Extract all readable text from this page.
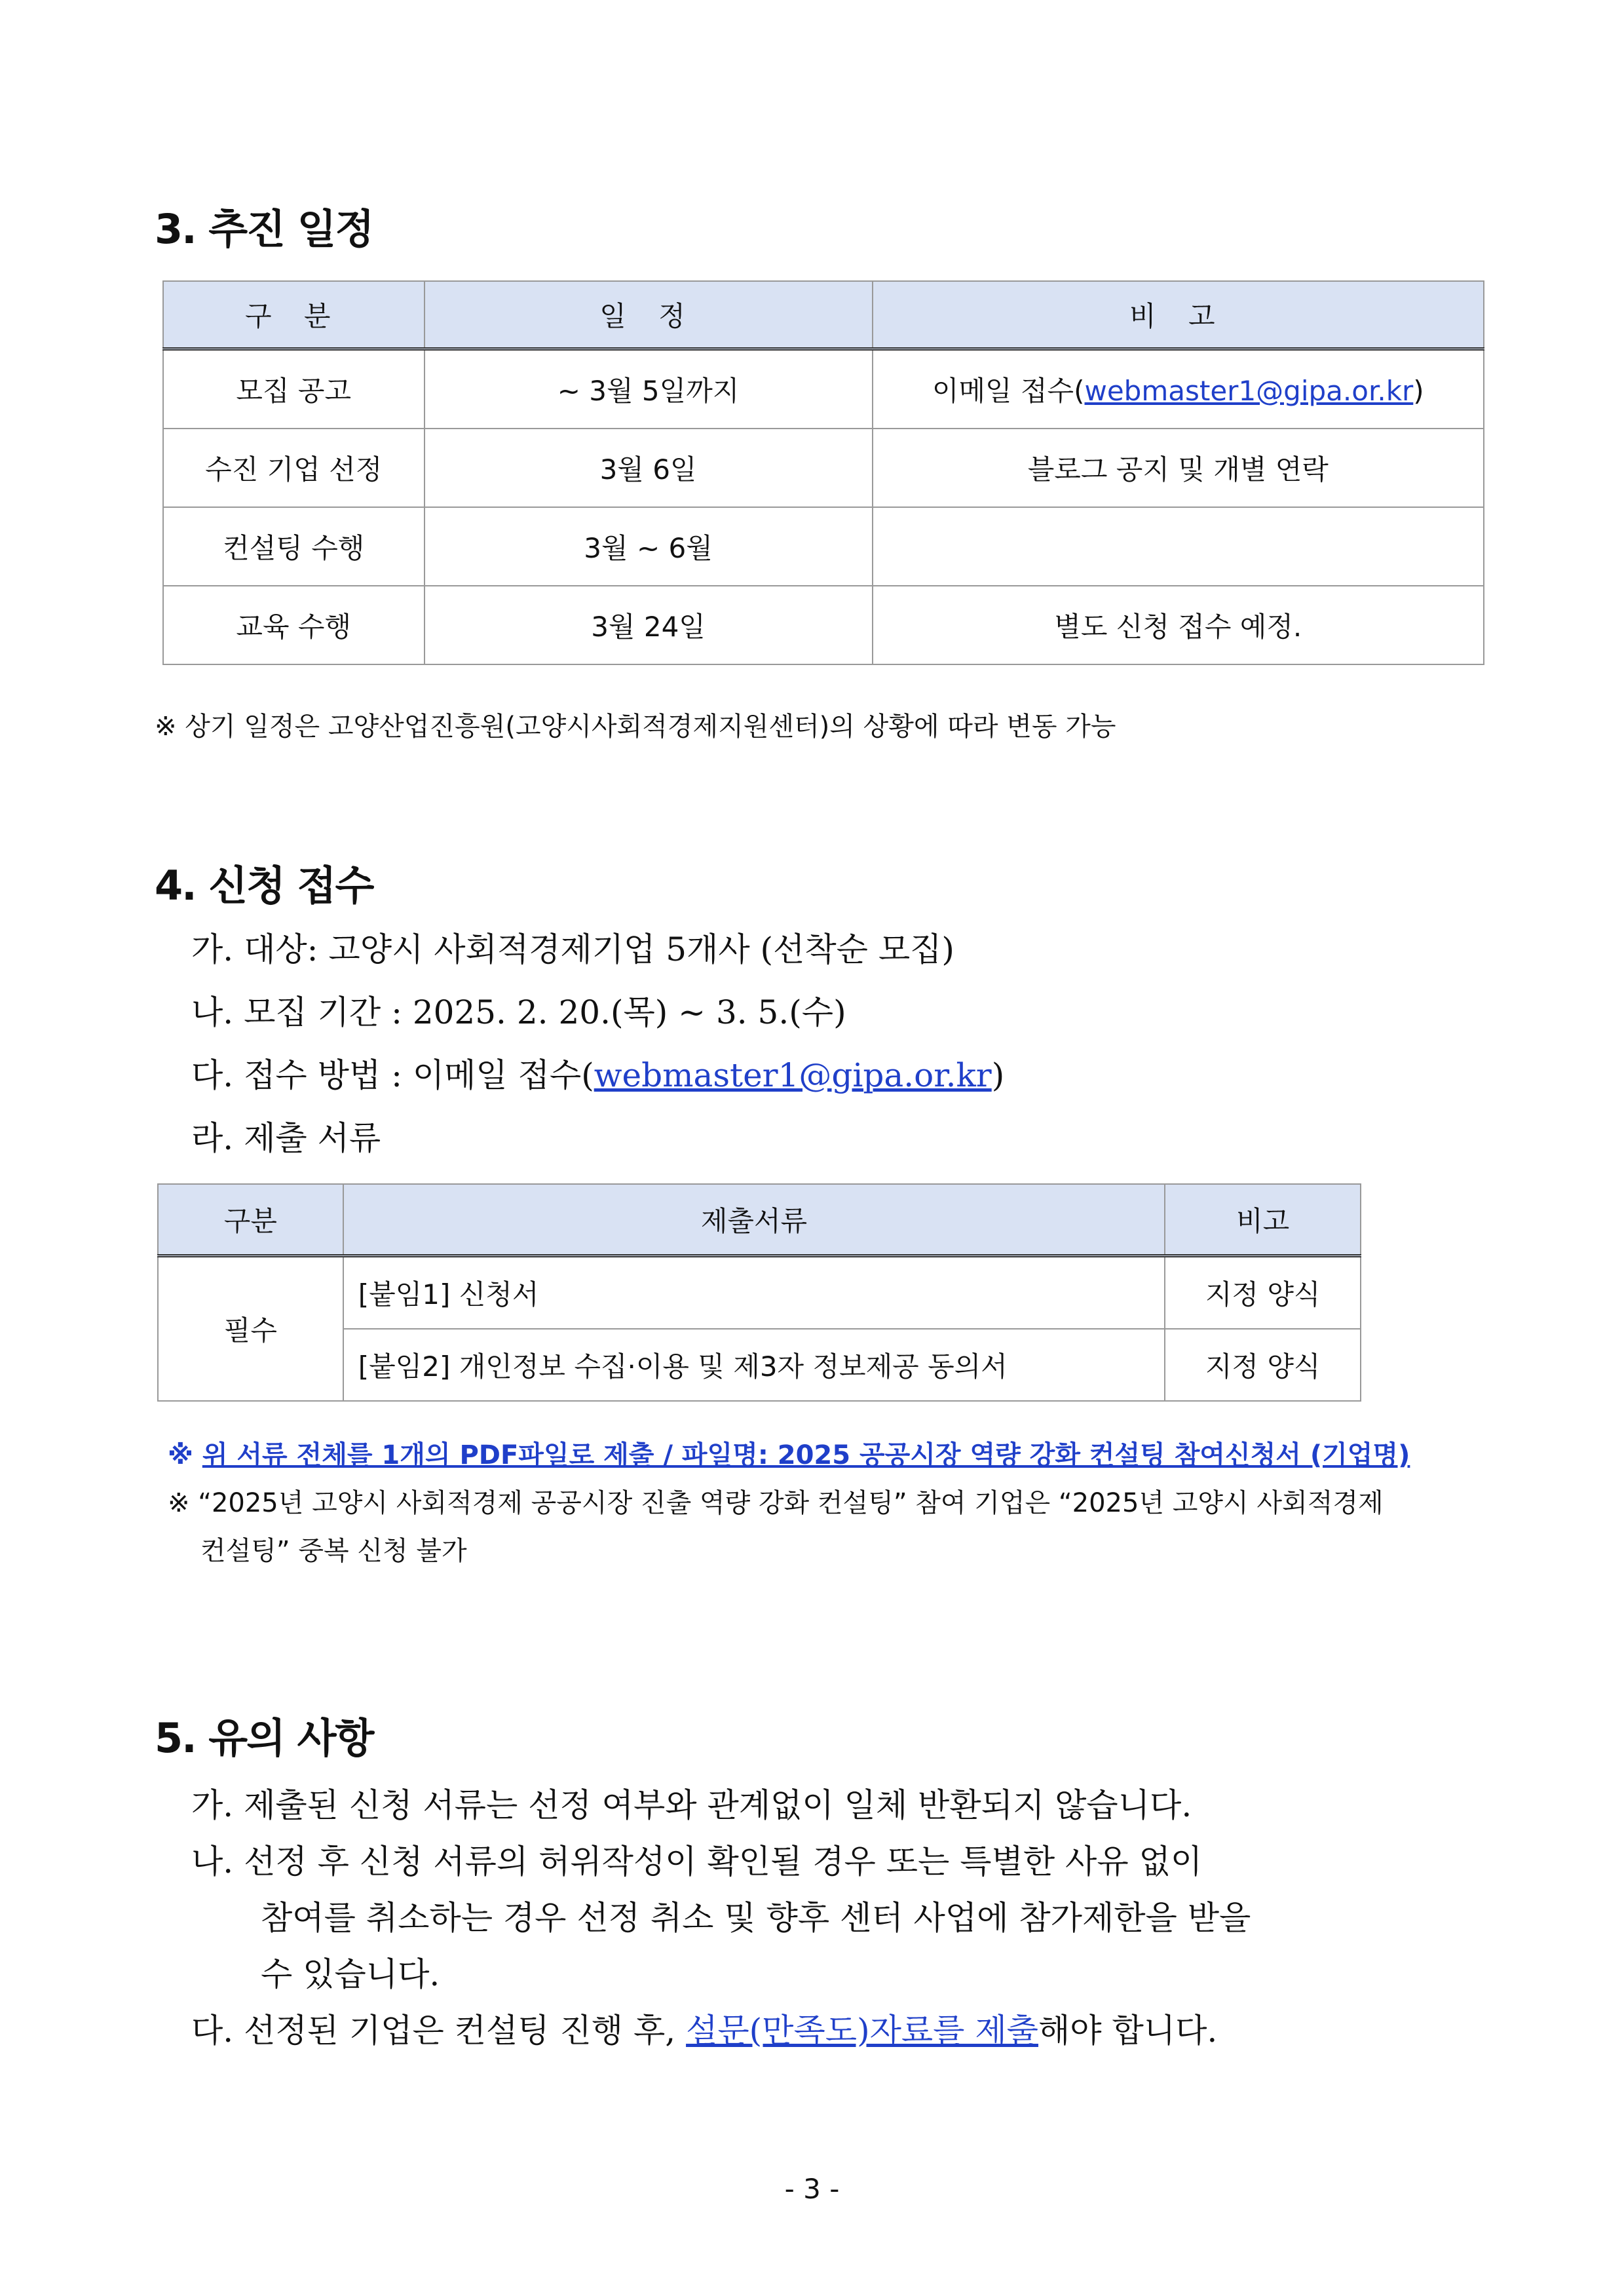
3. 추진 일정
구 분	일 정	비 고
모집 공고	~ 3월 5일까지	이메일 접수(webmaster1@gipa.or.kr)
수진 기업 선정	3월 6일	블로그 공지 및 개별 연락
컨설팅 수행	3월 ~ 6월	
교육 수행	3월 24일	별도 신청 접수 예정.
※ 상기 일정은 고양산업진흥원(고양시사회적경제지원센터)의 상황에 따라 변동 가능
4. 신청 접수
가. 대상: 고양시 사회적경제기업 5개사 (선착순 모집)
나. 모집 기간 : 2025. 2. 20.(목) ~ 3. 5.(수)
다. 접수 방법 : 이메일 접수(webmaster1@gipa.or.kr)
라. 제출 서류
구분	제출서류	비고
필수	[붙임1] 신청서	지정 양식
	[붙임2] 개인정보 수집·이용 및 제3자 정보제공 동의서	지정 양식
※ 위 서류 전체를 1개의 PDF파일로 제출 / 파일명: 2025 공공시장 역량 강화 컨설팅 참여신청서 (기업명)
※ “2025년 고양시 사회적경제 공공시장 진출 역량 강화 컨설팅” 참여 기업은 “2025년 고양시 사회적경제
컨설팅” 중복 신청 불가
5. 유의 사항
가. 제출된 신청 서류는 선정 여부와 관계없이 일체 반환되지 않습니다.
나. 선정 후 신청 서류의 허위작성이 확인될 경우 또는 특별한 사유 없이
참여를 취소하는 경우 선정 취소 및 향후 센터 사업에 참가제한을 받을
수 있습니다.
다. 선정된 기업은 컨설팅 진행 후, 설문(만족도)자료를 제출해야 합니다.
- 3 -
